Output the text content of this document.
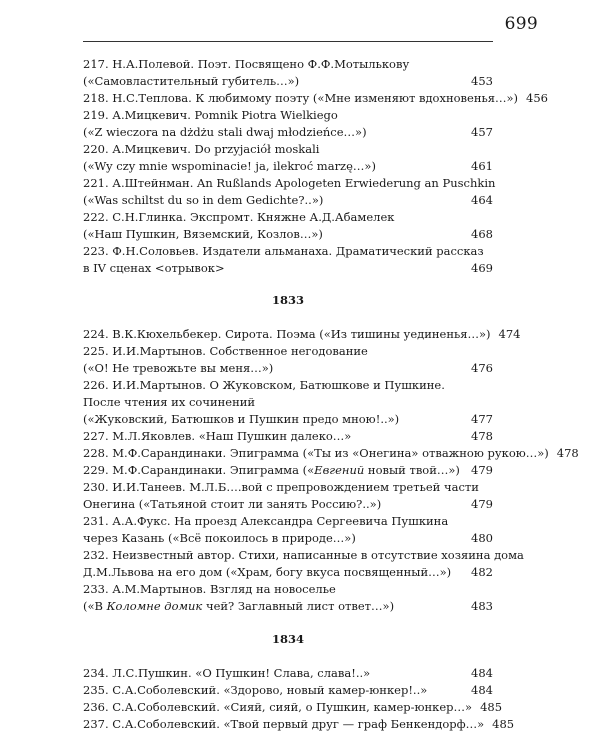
699
217. Н.А.Полевой. Поэт. Посвящено Ф.Ф.Мотылькову
(«Самовластительный губитель…»)	453
218. Н.С.Теплова. К любимому поэту («Мне изменяют вдохновенья…») 456
219. А.Мицкевич. Pomnik Piotra Wielkiego
(«Z wieczora na dżdżu stali dwaj młodzieńce…»)	457
220. А.Мицкевич. Do przyjaciół moskali
(«Wy czy mnie wspominacie! ja, ilekroć marzę…»)	461
221. А.Штейнман. An Rußlands Apologeten Erwiederung an Puschkin
(«Was schiltst du so in dem Gedichte?..»)	464
222. С.Н.Глинка. Экспромт. Княжне А.Д.Абамелек
(«Наш Пушкин, Вяземский, Козлов…»)	468
223. Ф.Н.Соловьев. Издатели альманаха. Драматический рассказ
в IV сценах <отрывок>	469
1833
224. В.К.Кюхельбекер. Сирота. Поэма («Из тишины уединенья…») 474
225. И.И.Мартынов. Собственное негодование
(«О! Не тревожьте вы меня…»)	476
226. И.И.Мартынов. О Жуковском, Батюшкове и Пушкине.
После чтения их сочинений
(«Жуковский, Батюшков и Пушкин предо мною!..»)	477
227. М.Л.Яковлев. «Наш Пушкин далеко…»	478
228. М.Ф.Сарандинаки. Эпиграмма («Ты из «Онегина» отважною рукою…») 478
229. М.Ф.Сарандинаки. Эпиграмма («Евгений новый твой…») 479
230. И.И.Танеев. М.Л.Б….вой с препровождением третьей части
Онегина («Татьяной стоит ли занять Россию?..»)	479
231. А.А.Фукс. На проезд Александра Сергеевича Пушкина
через Казань («Всё покоилось в природе…»)	480
232. Неизвестный автор. Стихи, написанные в отсутствие хозяина дома
Д.М.Львова на его дом («Храм, богу вкуса посвященный…»)	482
233. А.М.Мартынов. Взгляд на новоселье
(«В Коломне домик чей? Заглавный лист ответ…»)	483
1834
234. Л.С.Пушкин. «О Пушкин! Слава, слава!..»	484
235. С.А.Соболевский. «Здорово, новый камер-юнкер!..»	484
236. С.А.Соболевский. «Сияй, сияй, о Пушкин, камер-юнкер…» 485
237. С.А.Соболевский. «Твой первый друг — граф Бенкендорф…» 485
